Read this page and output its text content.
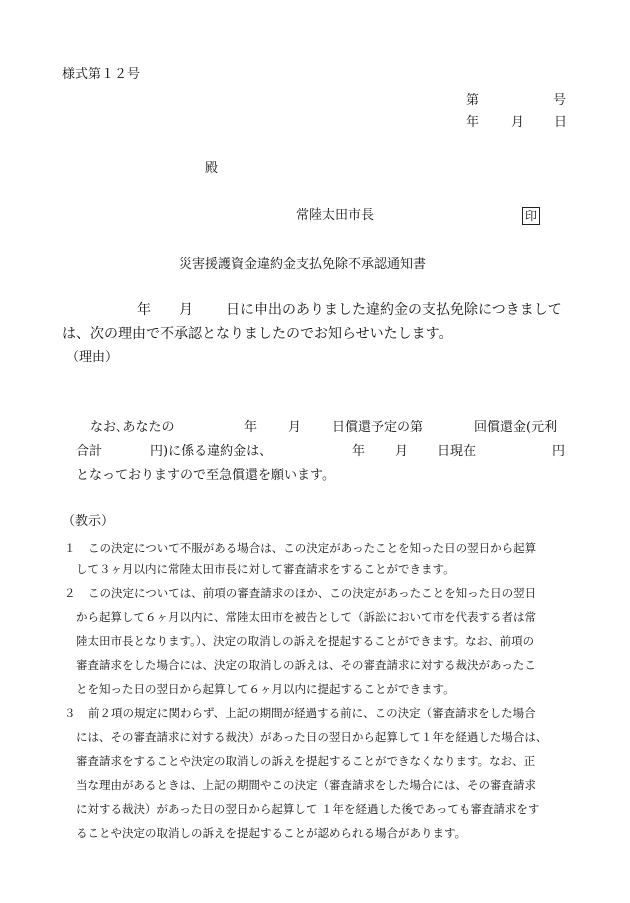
様式第１２号
第	号
年 月 日
殿
常陸太田市長	印
災害援護資金違約金支払免除不承認通知書
年 月 日に申出のありました違約金の支払免除につきまして
は、次の理由で不承認となりましたのでお知らせいたします。
（理由）
なお､あなたの	年 月 日償還予定の第	回償還金(元利
合計	円)に係る違約金は、	年 月 日現在	円
となっておりますので至急償還を願います。
（教示）
１ この決定について不服がある場合は、この決定があったことを知った日の翌日から起算
して３ヶ月以内に常陸太田市長に対して審査請求をすることができます。
２ この決定については、前項の審査請求のほか、この決定があったことを知った日の翌日
から起算して６ヶ月以内に、常陸太田市を被告として（訴訟において市を代表する者は常
陸太田市長となります。）、決定の取消しの訴えを提起することができます。なお、前項の
審査請求をした場合には、決定の取消しの訴えは、その審査請求に対する裁決があったこ
とを知った日の翌日から起算して６ヶ月以内に提起することができます。
３ 前２項の規定に関わらず、上記の期間が経過する前に、この決定（審査請求をした場合
には、その審査請求に対する裁決）があった日の翌日から起算して１年を経過した場合は、
審査請求をすることや決定の取消しの訴えを提起することができなくなります。なお、正
当な理由があるときは、上記の期間やこの決定（審査請求をした場合には、その審査請求
に対する裁決）があった日の翌日から起算して １年を経過した後であっても審査請求をす
ることや決定の取消しの訴えを提起することが認められる場合があります。
